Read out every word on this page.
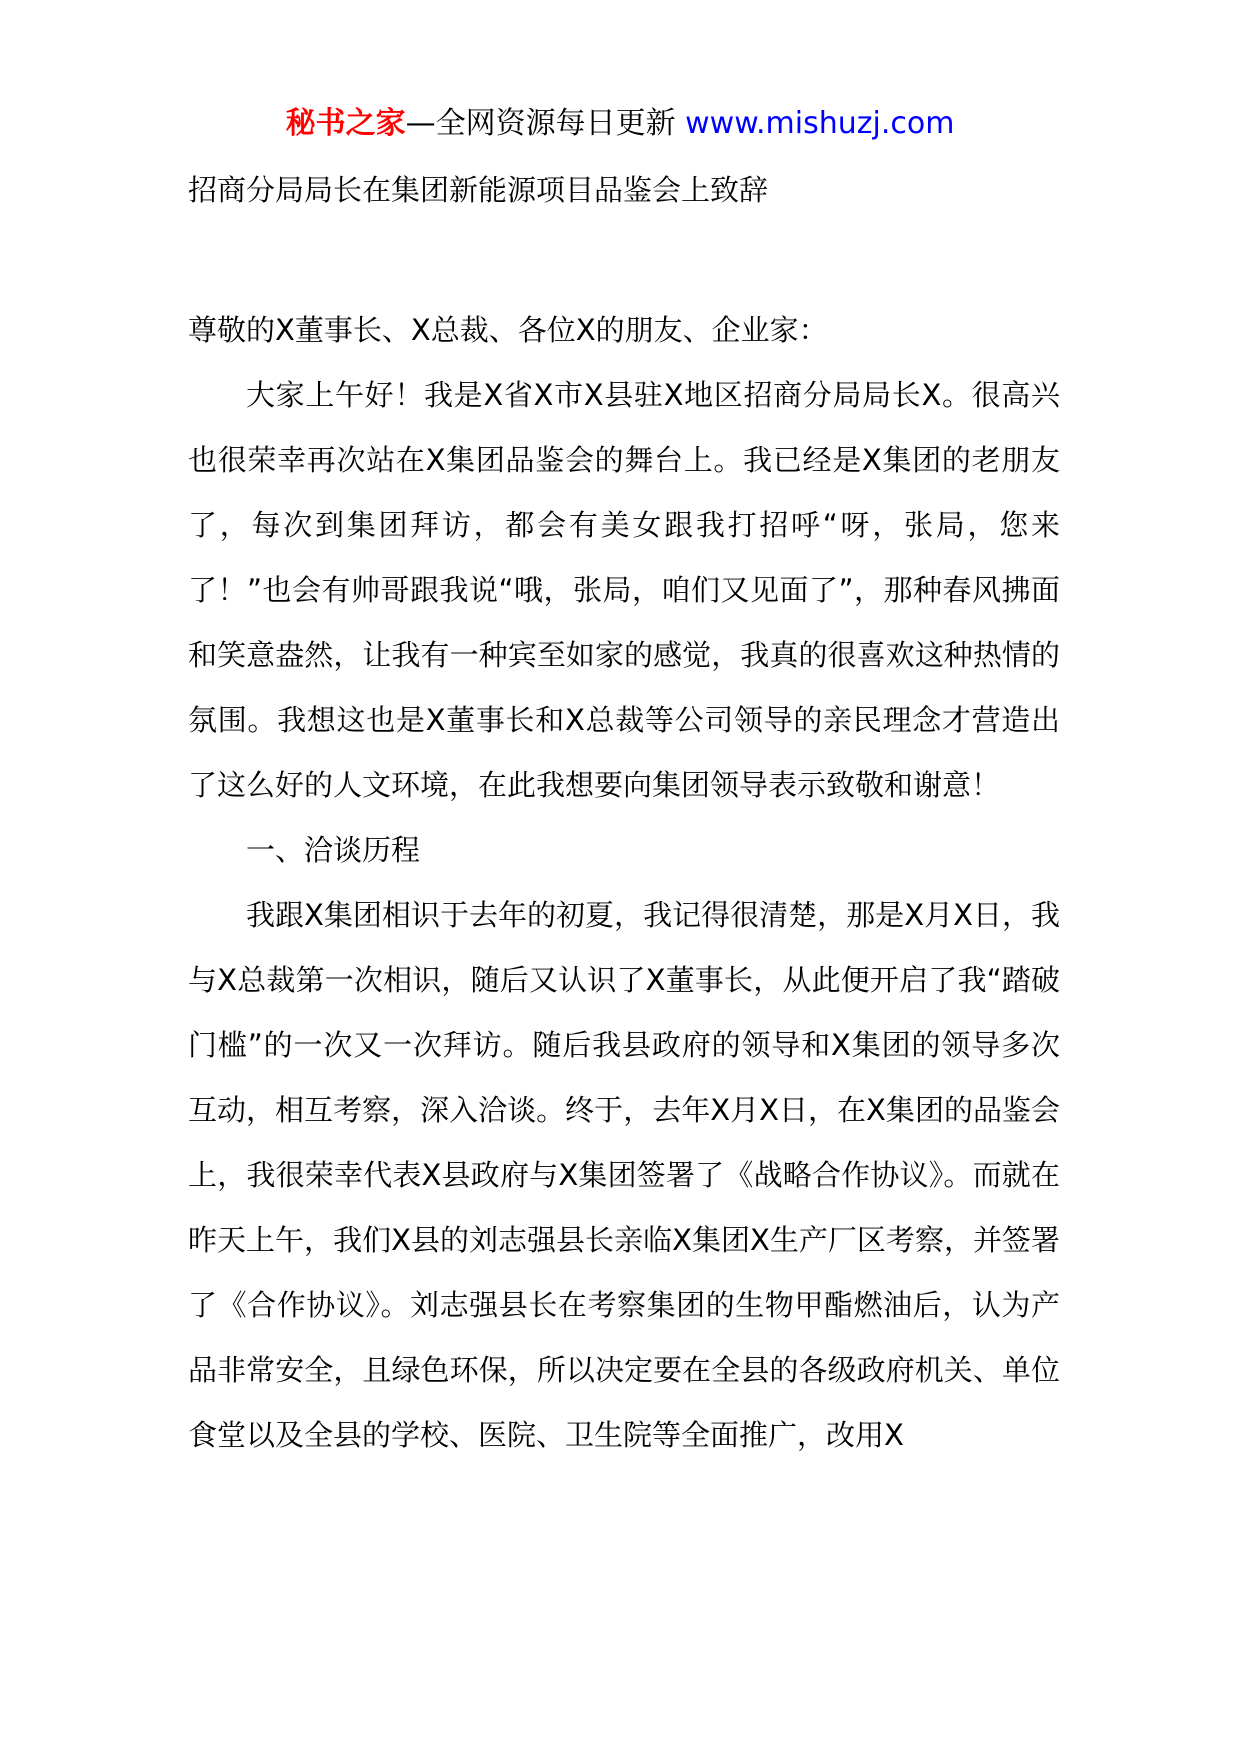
秘书之家—全网资源每日更新 www.mishuzj.com
招商分局局长在集团新能源项目品鉴会上致辞

尊敬的X董事长、X总裁、各位X的朋友、企业家：

大家上午好！我是X省X市X县驻X地区招商分局局长X。很高兴也很荣幸再次站在X集团品鉴会的舞台上。我已经是X集团的老朋友了，每次到集团拜访，都会有美女跟我打招呼“呀，张局，您来了！”也会有帅哥跟我说“哦，张局，咱们又见面了”，那种春风拂面和笑意盎然，让我有一种宾至如家的感觉，我真的很喜欢这种热情的氛围。我想这也是X董事长和X总裁等公司领导的亲民理念才营造出了这么好的人文环境，在此我想要向集团领导表示致敬和谢意！

一、洽谈历程

我跟X集团相识于去年的初夏，我记得很清楚，那是X月X日，我与X总裁第一次相识，随后又认识了X董事长，从此便开启了我“踏破门槛”的一次又一次拜访。随后我县政府的领导和X集团的领导多次互动，相互考察，深入洽谈。终于，去年X月X日，在X集团的品鉴会上，我很荣幸代表X县政府与X集团签署了《战略合作协议》。而就在昨天上午，我们X县的刘志强县长亲临X集团X生产厂区考察，并签署了《合作协议》。刘志强县长在考察集团的生物甲酯燃油后，认为产品非常安全，且绿色环保，所以决定要在全县的各级政府机关、单位食堂以及全县的学校、医院、卫生院等全面推广，改用X
